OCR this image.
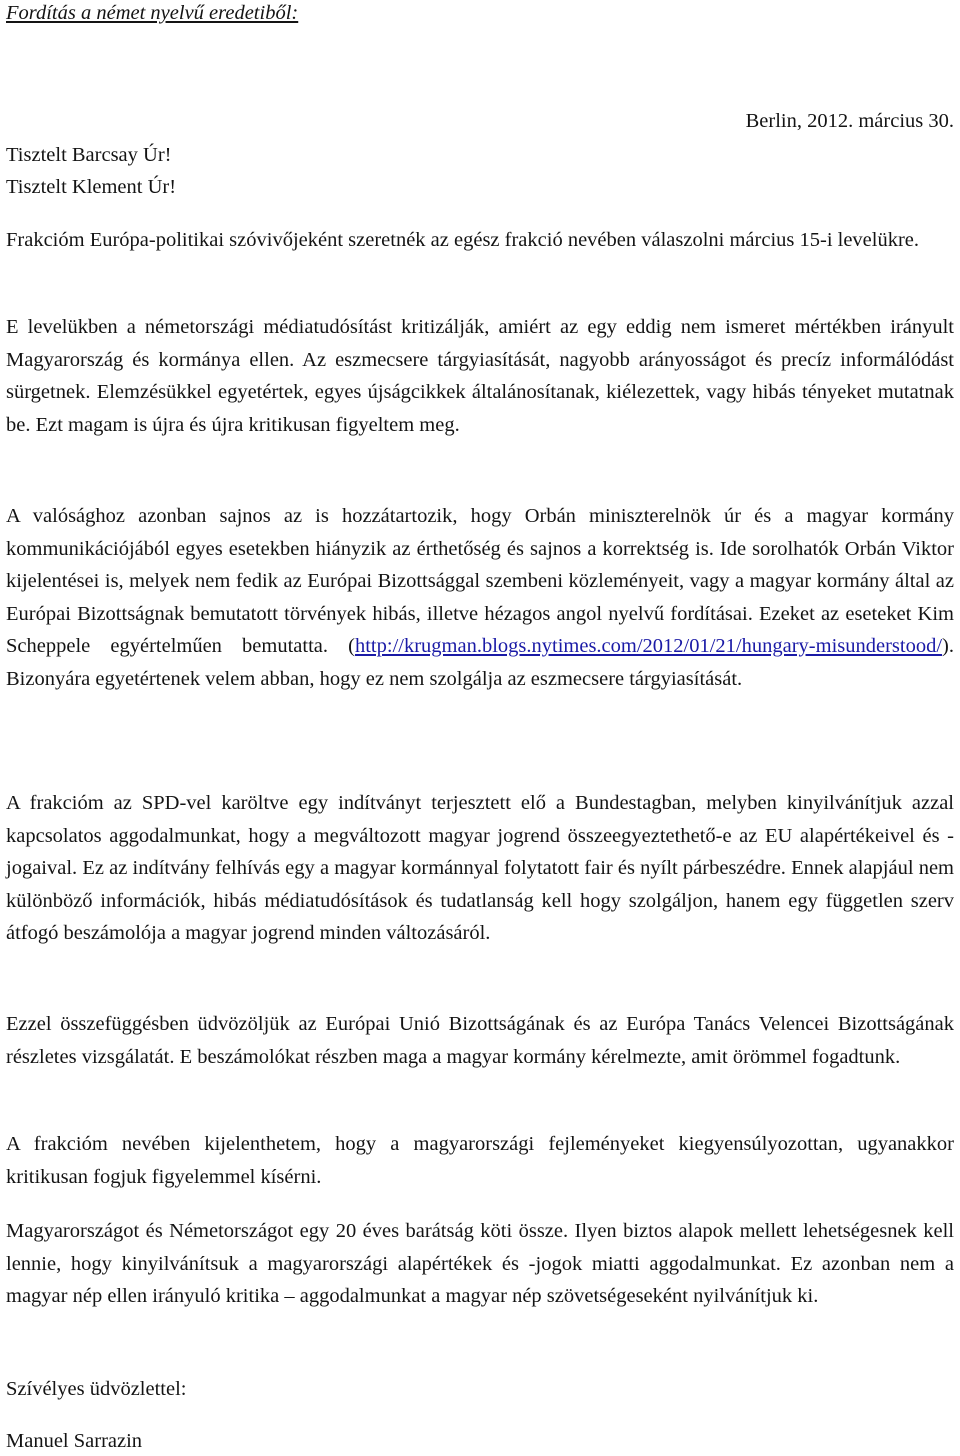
Fordítás a német nyelvű eredetiből:
Berlin, 2012. március 30.
Tisztelt Barcsay Úr!
Tisztelt Klement Úr!

Frakcióm Európa-politikai szóvivőjeként szeretnék az egész frakció nevében válaszolni március 15-i levelükre.

E levelükben a németországi médiatudósítást kritizálják, amiért az egy eddig nem ismeret mértékben irányult Magyarország és kormánya ellen. Az eszmecsere tárgyiasítását, nagyobb arányosságot és precíz informálódást sürgetnek. Elemzésükkel egyetértek, egyes újságcikkek általánosítanak, kiélezettek, vagy hibás tényeket mutatnak be. Ezt magam is újra és újra kritikusan figyeltem meg.

A valósághoz azonban sajnos az is hozzátartozik, hogy Orbán miniszterelnök úr és a magyar kormány kommunikációjából egyes esetekben hiányzik az érthetőség és sajnos a korrektség is. Ide sorolhatók Orbán Viktor kijelentései is, melyek nem fedik az Európai Bizottsággal szembeni közleményeit, vagy a magyar kormány által az Európai Bizottságnak bemutatott törvények hibás, illetve hézagos angol nyelvű fordításai. Ezeket az eseteket Kim Scheppele egyértelműen bemutatta. (http://krugman.blogs.nytimes.com/2012/01/21/hungary-misunderstood/). Bizonyára egyetértenek velem abban, hogy ez nem szolgálja az eszmecsere tárgyiasítását.

A frakcióm az SPD-vel karöltve egy indítványt terjesztett elő a Bundestagban, melyben kinyilvánítjuk azzal kapcsolatos aggodalmunkat, hogy a megváltozott magyar jogrend összeegyeztethető-e az EU alapértékeivel és -jogaival. Ez az indítvány felhívás egy a magyar kormánnyal folytatott fair és nyílt párbeszédre. Ennek alapjául nem különböző információk, hibás médiatudósítások és tudatlanság kell hogy szolgáljon, hanem egy független szerv átfogó beszámolója a magyar jogrend minden változásáról.

Ezzel összefüggésben üdvözöljük az Európai Unió Bizottságának és az Európa Tanács Velencei Bizottságának részletes vizsgálatát. E beszámolókat részben maga a magyar kormány kérelmezte, amit örömmel fogadtunk.

A frakcióm nevében kijelenthetem, hogy a magyarországi fejleményeket kiegyensúlyozottan, ugyanakkor kritikusan fogjuk figyelemmel kísérni.

Magyarországot és Németországot egy 20 éves barátság köti össze. Ilyen biztos alapok mellett lehetségesnek kell lennie, hogy kinyilvánítsuk a magyarországi alapértékek és -jogok miatti aggodalmunkat. Ez azonban nem a magyar nép ellen irányuló kritika – aggodalmunkat a magyar nép szövetségeseként nyilvánítjuk ki.

Szívélyes üdvözlettel:
Manuel Sarrazin
